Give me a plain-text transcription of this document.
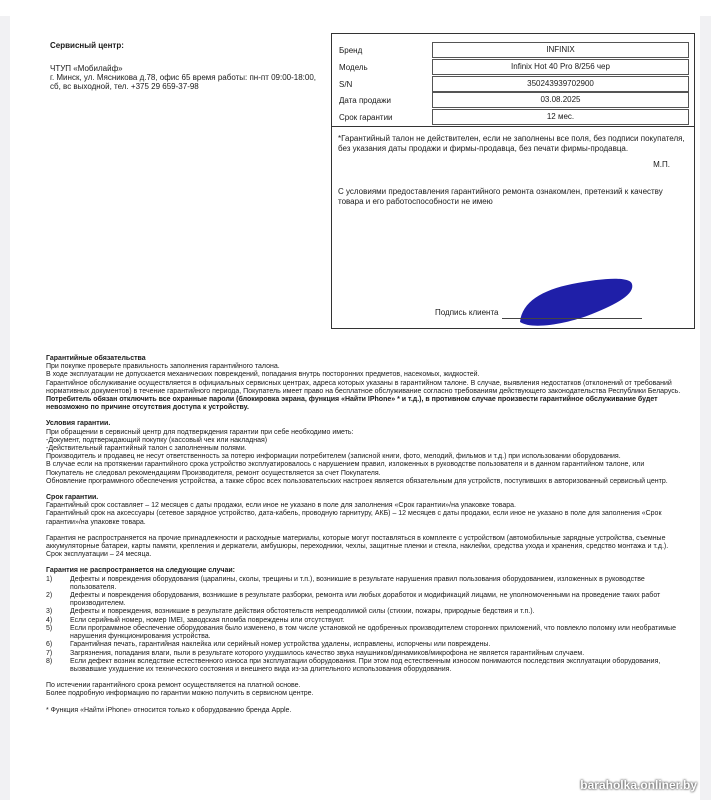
Сервисный центр:
ЧТУП «Мобилайф»
г. Минск, ул. Мясникова д.78, офис 65 время работы: пн-пт 09:00-18:00, сб, вс выходной, тел. +375 29 659-37-98
Бренд	INFINIX
Модель	Infinix Hot 40 Pro 8/256 чер
S/N	350243939702900
Дата продажи	03.08.2025
Срок гарантии	12 мес.
*Гарантийный талон не действителен, если не заполнены все поля, без подписи покупателя, без указания даты продажи и фирмы-продавца, без печати фирмы-продавца.
М.П.
С условиями предоставления гарантийного ремонта ознакомлен, претензий к качеству товара и его работоспособности не имею
Подпись клиента

Гарантийные обязательства

При покупке проверьте правильность заполнения гарантийного талона.

В ходе эксплуатации не допускается механических повреждений, попадания внутрь посторонних предметов, насекомых, жидкостей.

Гарантийное обслуживание осуществляется в официальных сервисных центрах, адреса которых указаны в гарантийном талоне. В случае, выявления недостатков (отклонений от требований нормативных документов) в течение гарантийного периода, Покупатель имеет право на бесплатное обслуживание согласно требованиям действующего законодательства Республики Беларусь.

Потребитель обязан отключить все охранные пароли (блокировка экрана, функция «Найти IPhone» * и т.д.), в противном случае произвести гарантийное обслуживание будет невозможно по причине отсутствия доступа к устройству.

Условия гарантии.

При обращении в сервисный центр для подтверждения гарантии при себе необходимо иметь:

-Документ, подтверждающий покупку (кассовый чек или накладная)

-Действительный гарантийный талон с заполненным полями.

Производитель и продавец не несут ответственность за потерю информации потребителем (записной книги, фото, мелодий, фильмов и т.д.) при использовании оборудования.

В случае если на протяжении гарантийного срока устройство эксплуатировалось с нарушением правил, изложенных в руководстве пользователя и в данном гарантийном талоне, или Покупатель не следовал рекомендациям Производителя, ремонт осуществляется за счет Покупателя.

Обновление программного обеспечения устройства, а также сброс всех пользовательских настроек является обязательным для устройств, поступивших в авторизованный сервисный центр.

Срок гарантии.

Гарантийный срок составляет – 12 месяцев с даты продажи, если иное не указано в поле для заполнения «Срок гарантии»/на упаковке товара.

Гарантийный срок на аксессуары (сетевое зарядное устройство, дата-кабель, проводную гарнитуру, АКБ) – 12 месяцев с даты продажи, если иное не указано в поле для заполнения «Срок гарантии»/на упаковке товара.

Гарантия не распространяется на прочие принадлежности и расходные материалы, которые могут поставляться в комплекте с устройством (автомобильные зарядные устройства, съемные аккумуляторные батареи, карты памяти, крепления и держатели, амбушюры, переходники, чехлы, защитные пленки и стекла, наклейки, средства ухода и хранения, средство монтажа и т.д.).

Срок эксплуатации – 24 месяца.

Гарантия не распространяется на следующие случаи:

1)	Дефекты и повреждения оборудования (царапины, сколы, трещины и т.п.), возникшие в результате нарушения правил пользования оборудованием, изложенных в руководстве пользователя.
2)	Дефекты и повреждения оборудования, возникшие в результате разборки, ремонта или любых доработок и модификаций лицами, не уполномоченными на проведение таких работ производителем.
3)	Дефекты и повреждения, возникшие в результате действия обстоятельств непреодолимой силы (стихии, пожары, природные бедствия и т.п.).
4)	Если серийный номер, номер IMEI, заводская пломба повреждены или отсутствуют.
5)	Если программное обеспечение оборудования было изменено, в том числе установкой не одобренных производителем сторонних приложений, что повлекло поломку или необратимые нарушения функционирования устройства.
6)	Гарантийная печать, гарантийная наклейка или серийный номер устройства удалены, исправлены, испорчены или повреждены.
7)	Загрязнения, попадания влаги, пыли в результате которого ухудшилось качество звука наушников/динамиков/микрофона не является гарантийным случаем.
8)	Если дефект возник вследствие естественного износа при эксплуатации оборудования. При этом под естественным износом понимаются последствия эксплуатации оборудования, вызвавшие ухудшение их технического состояния и внешнего вида из-за длительного использования оборудования.

По истечении гарантийного срока ремонт осуществляется на платной основе.

Более подробную информацию по гарантии можно получить в сервисном центре.

* Функция «Найти iPhone» относится только к оборудованию бренда Apple.

baraholka.onliner.by
